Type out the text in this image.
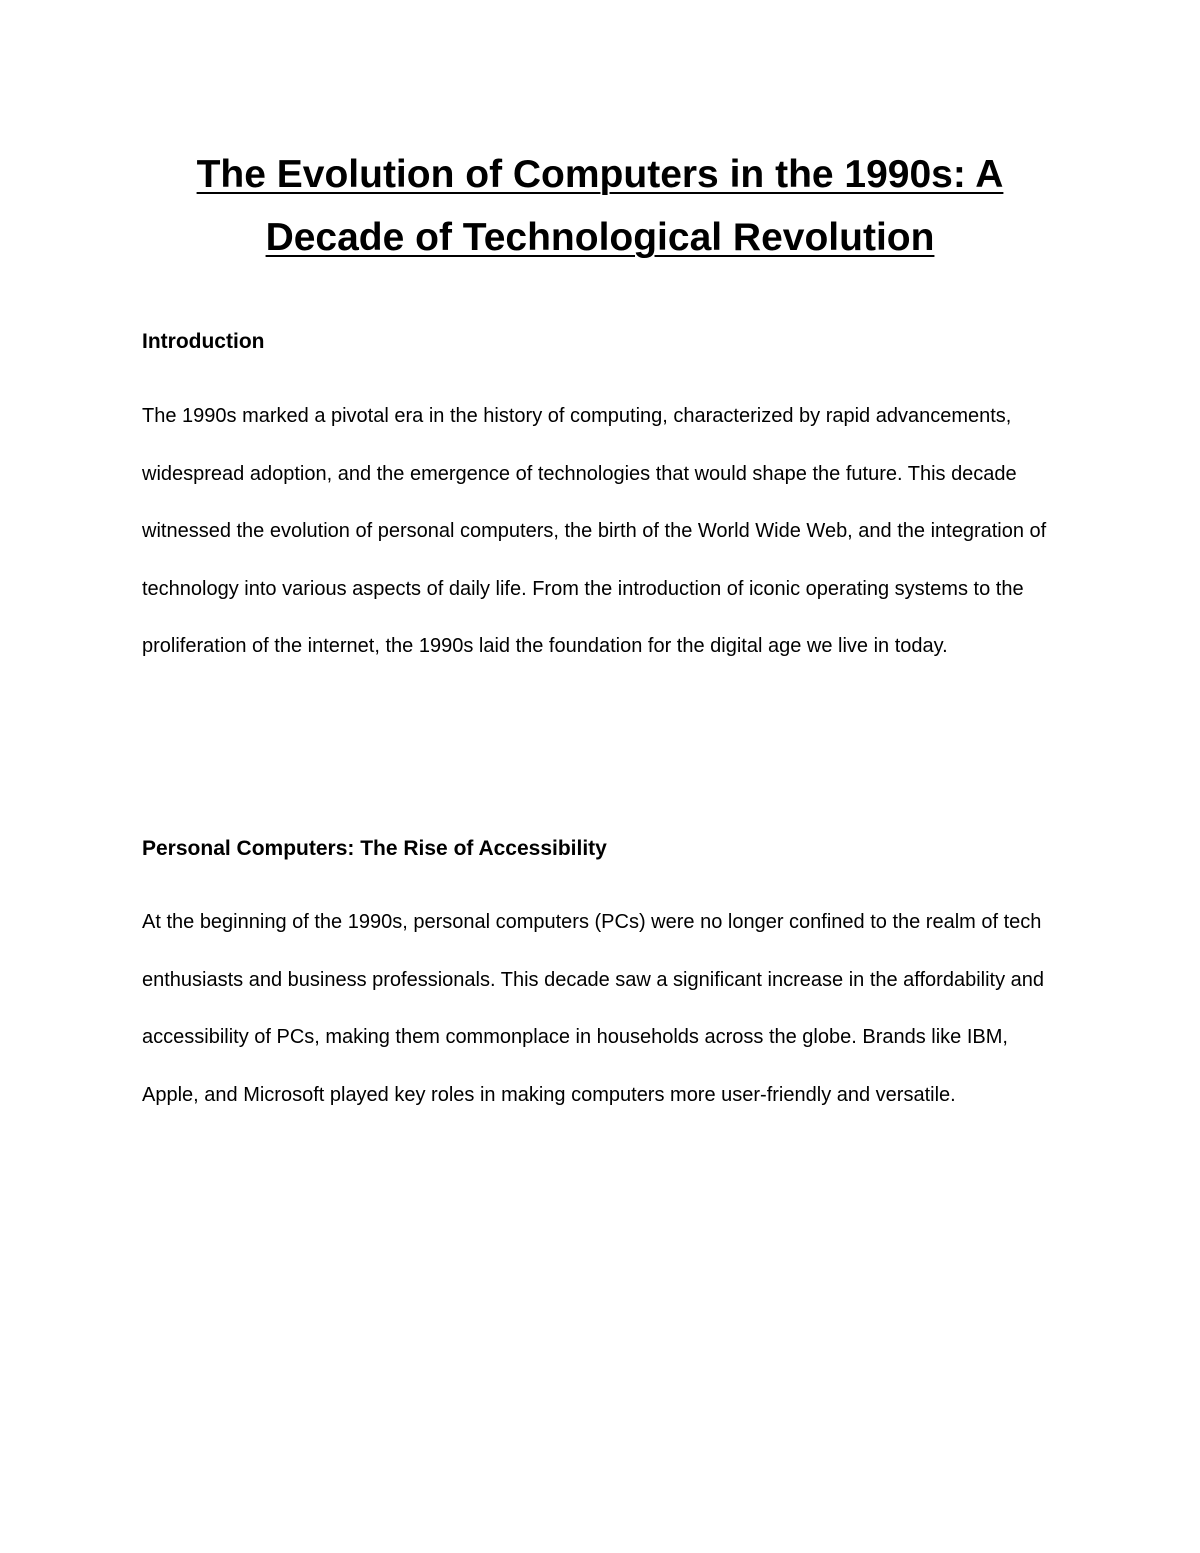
The Evolution of Computers in the 1990s: A Decade of Technological Revolution
Introduction

The 1990s marked a pivotal era in the history of computing, characterized by rapid advancements, widespread adoption, and the emergence of technologies that would shape the future. This decade witnessed the evolution of personal computers, the birth of the World Wide Web, and the integration of technology into various aspects of daily life. From the introduction of iconic operating systems to the proliferation of the internet, the 1990s laid the foundation for the digital age we live in today.

Personal Computers: The Rise of Accessibility

At the beginning of the 1990s, personal computers (PCs) were no longer confined to the realm of tech enthusiasts and business professionals. This decade saw a significant increase in the affordability and accessibility of PCs, making them commonplace in households across the globe. Brands like IBM, Apple, and Microsoft played key roles in making computers more user-friendly and versatile.
